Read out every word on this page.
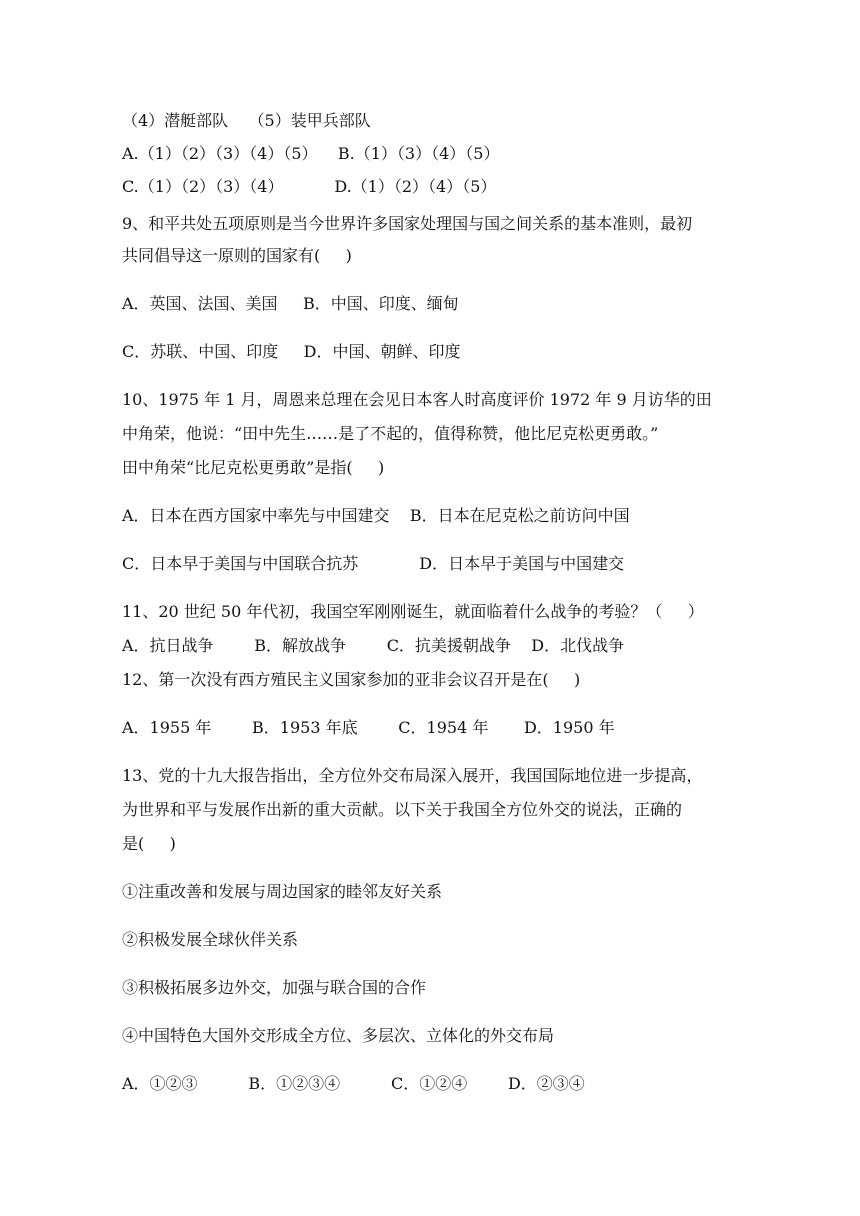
（4）潜艇部队    （5）装甲兵部队
A.（1）（2）（3）（4）（5）    B.（1）（3）（4）（5）
C.（1）（2）（3）（4）          D.（1）（2）（4）（5）
9、和平共处五项原则是当今世界许多国家处理国与国之间关系的基本准则，最初
共同倡导这一原则的国家有(     )
A．英国、法国、美国     B．中国、印度、缅甸
C．苏联、中国、印度     D．中国、朝鲜、印度
10、1975 年 1 月，周恩来总理在会见日本客人时高度评价 1972 年 9 月访华的田
中角荣，他说：“田中先生……是了不起的，值得称赞，他比尼克松更勇敢。”
田中角荣“比尼克松更勇敢”是指(     )
A．日本在西方国家中率先与中国建交    B．日本在尼克松之前访问中国
C．日本早于美国与中国联合抗苏            D．日本早于美国与中国建交
11、20 世纪 50 年代初，我国空军刚刚诞生，就面临着什么战争的考验？（     ）
A．抗日战争        B．解放战争        C．抗美援朝战争    D．北伐战争
12、第一次没有西方殖民主义国家参加的亚非会议召开是在(     )
A．1955 年        B．1953 年底        C．1954 年       D．1950 年
13、党的十九大报告指出，全方位外交布局深入展开，我国国际地位进一步提高，
为世界和平与发展作出新的重大贡献。以下关于我国全方位外交的说法，正确的
是(     )
①注重改善和发展与周边国家的睦邻友好关系
②积极发展全球伙伴关系
③积极拓展多边外交，加强与联合国的合作
④中国特色大国外交形成全方位、多层次、立体化的外交布局
A．①②③          B．①②③④          C．①②④        D．②③④
